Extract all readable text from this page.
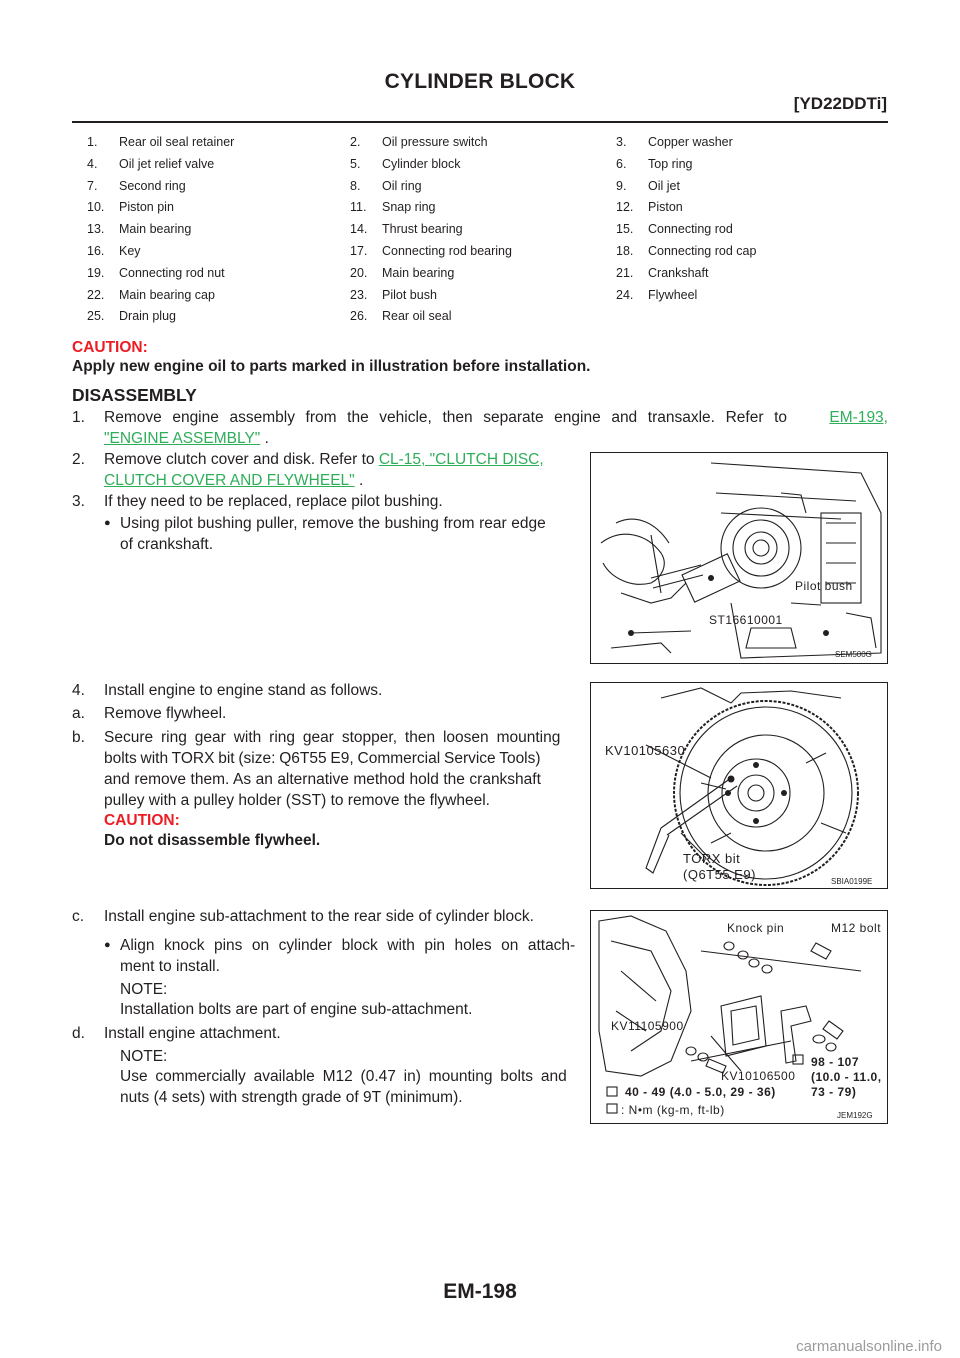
CYLINDER BLOCK
[YD22DDTi]
1. Rear oil seal retainer	2. Oil pressure switch	3. Copper washer
4. Oil jet relief valve	5. Cylinder block	6. Top ring
7. Second ring	8. Oil ring	9. Oil jet
10. Piston pin	11. Snap ring	12. Piston
13. Main bearing	14. Thrust bearing	15. Connecting rod
16. Key	17. Connecting rod bearing	18. Connecting rod cap
19. Connecting rod nut	20. Main bearing	21. Crankshaft
22. Main bearing cap	23. Pilot bush	24. Flywheel
25. Drain plug	26. Rear oil seal
CAUTION:
Apply new engine oil to parts marked in illustration before installation.
DISASSEMBLY
1. Remove engine assembly from the vehicle, then separate engine and transaxle. Refer to	EM-193,
"ENGINE ASSEMBLY" .
2. Remove clutch cover and disk. Refer to CL-15, "CLUTCH DISC,
CLUTCH COVER AND FLYWHEEL" .
3. If they need to be replaced, replace pilot bushing.
● Using pilot bushing puller, remove the bushing from rear edge
of crankshaft.
Pilot bush
ST16610001
SEM500G
4. Install engine to engine stand as follows.
a. Remove flywheel.
b. Secure ring gear with ring gear stopper, then loosen mounting
bolts with TORX bit (size: Q6T55 E9, Commercial Service Tools)
and remove them. As an alternative method hold the crankshaft
pulley with a pulley holder (SST) to remove the flywheel.
CAUTION:
Do not disassemble flywheel.
KV10105630
TORX bit
(Q6T55 E9)	SBIA0199E
c. Install engine sub-attachment to the rear side of cylinder block.
● Align knock pins on cylinder block with pin holes on attach-
ment to install.
NOTE:
Installation bolts are part of engine sub-attachment.
d. Install engine attachment.
NOTE:
Use commercially available M12 (0.47 in) mounting bolts and
nuts (4 sets) with strength grade of 9T (minimum).
Knock pin	M12 bolt
KV11105900
KV10106500
98 - 107
(10.0 - 11.0,
73 - 79)
40 - 49 (4.0 - 5.0, 29 - 36)
: N•m (kg-m, ft-lb)	JEM192G
EM-198
carmanualsonline.info
